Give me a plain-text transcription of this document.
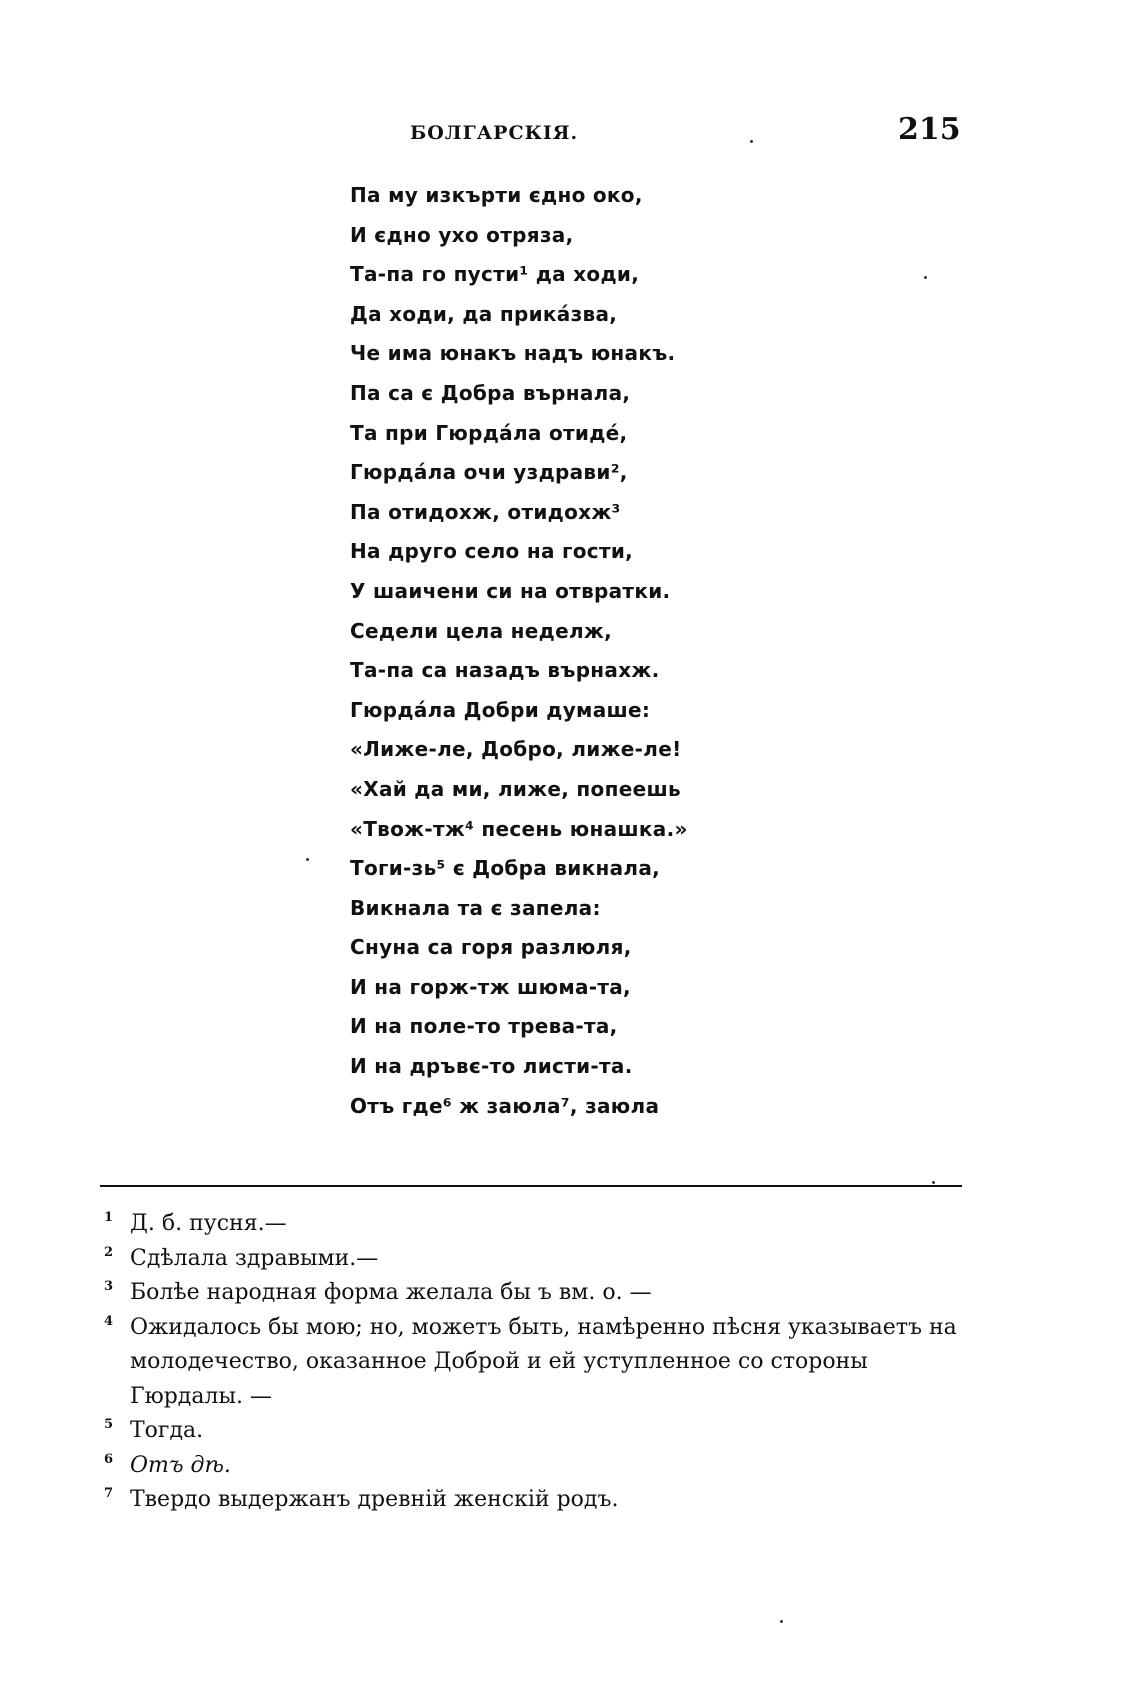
БОЛГАРСКІЯ.	215
Па му изкърти єдно око,
И єдно ухо отряза,
Та-па го пусти¹ да ходи,
Да ходи, да прикáзва,
Че има юнакъ надъ юнакъ.
Па са є Добра върнала,
Та при Гюрдáла отидé,
Гюрдáла очи уздрави²,
Па отидохж, отидохж³
На друго село на гости,
У шаичени си на отвратки.
Седели цела неделж,
Та-па са назадъ върнахж.
Гюрдáла Добри думаше:
«Лиже-ле, Добро, лиже-ле!
«Хай да ми, лиже, попеешь
«Твож-тж⁴ песень юнашка.»
Тоги-зь⁵ є Добра викнала,
Викнала та є запела:
Снуна са горя разлюля,
И на горж-тж шюма-та,
И на поле-то трева-та,
И на дръвє-то листи-та.
Отъ где⁶ ж заюла⁷, заюла
1 Д. б. пусня.—
2 Сдѣлала здравыми.—
3 Болѣе народная форма желала бы ъ вм. о. —
4 Ожидалось бы мою; но, можетъ быть, намѣренно пѣсня указываетъ на молодечество, оказанное Доброй и ей уступленное со стороны Гюрдалы. —
5 Тогда.
6 Отъ дѣ.
7 Твердо выдержанъ древній женскій родъ.
